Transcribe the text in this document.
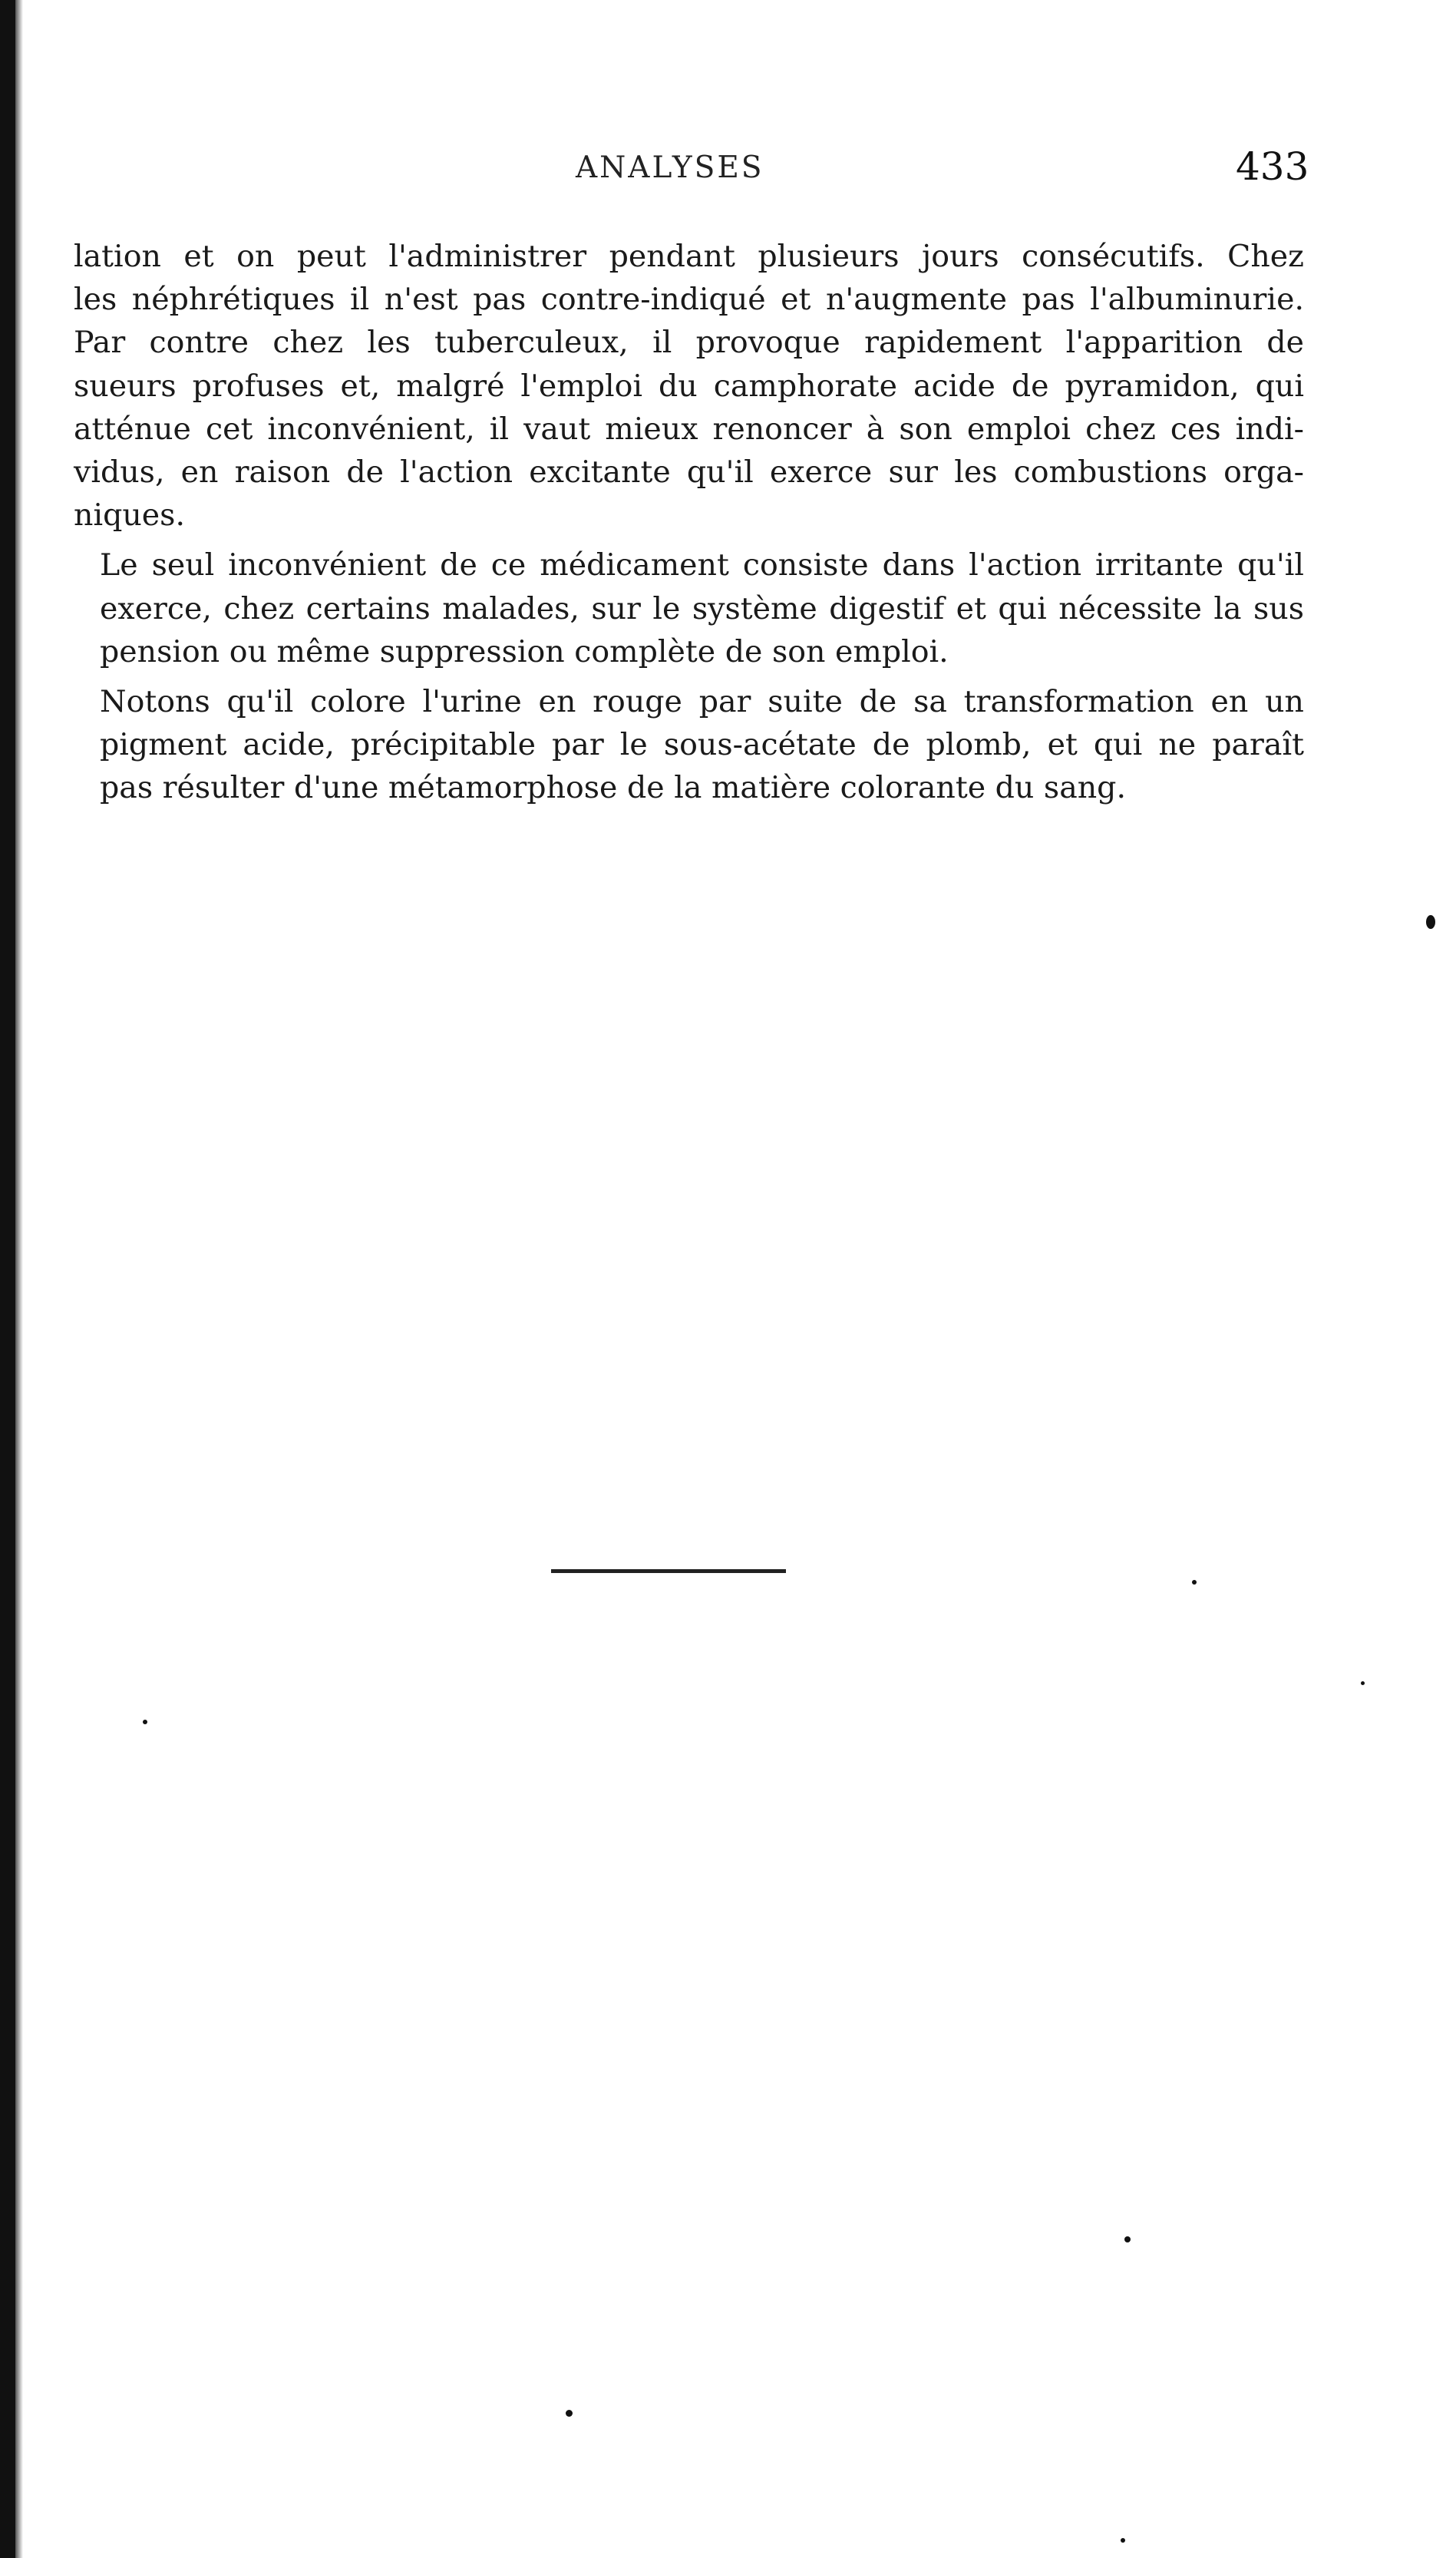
ANALYSES	433

lation et on peut l'administrer pendant plusieurs jours consécutifs. Chez
les néphrétiques il n'est pas contre-indiqué et n'augmente pas l'albuminurie.
Par contre chez les tuberculeux, il provoque rapidement l'apparition de
sueurs profuses et, malgré l'emploi du camphorate acide de pyramidon, qui
atténue cet inconvénient, il vaut mieux renoncer à son emploi chez ces indi-
vidus, en raison de l'action excitante qu'il exerce sur les combustions orga-
niques.

Le seul inconvénient de ce médicament consiste dans l'action irritante qu'il
exerce, chez certains malades, sur le système digestif et qui nécessite la sus
pension ou même suppression complète de son emploi.

Notons qu'il colore l'urine en rouge par suite de sa transformation en un
pigment acide, précipitable par le sous-acétate de plomb, et qui ne paraît
pas résulter d'une métamorphose de la matière colorante du sang.
